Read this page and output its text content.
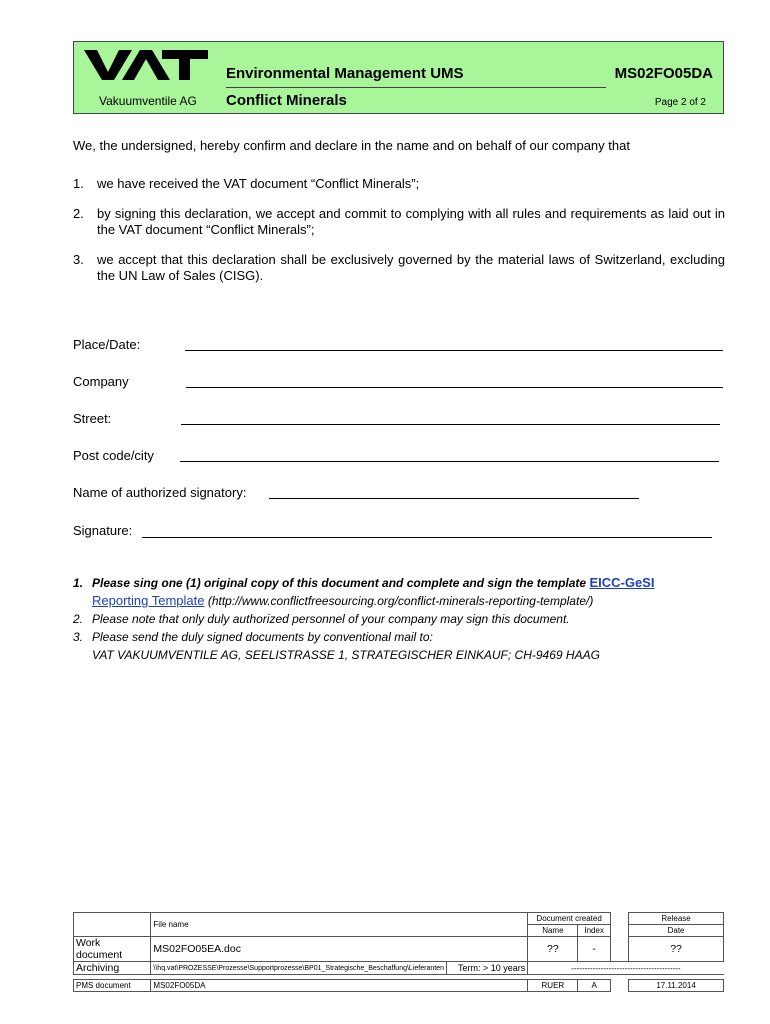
Environmental Management UMS	MS02FO05DA
Vakuumventile AG Conflict Minerals	Page 2 of 2
We, the undersigned, hereby confirm and declare in the name and on behalf of our company that
1. we have received the VAT document “Conflict Minerals”;
2. by signing this declaration, we accept and commit to complying with all rules and requirements as laid out in the VAT document “Conflict Minerals”;
3. we accept that this declaration shall be exclusively governed by the material laws of Switzerland, excluding the UN Law of Sales (CISG).
Place/Date:
Company
Street:
Post code/city
Name of authorized signatory:
Signature:
1. Please sing one (1) original copy of this document and complete and sign the template EICC-GeSI
Reporting Template (http://www.conflictfreesourcing.org/conflict-minerals-reporting-template/)
2. Please note that only duly authorized personnel of your company may sign this document.
3. Please send the duly signed documents by conventional mail to:
VAT VAKUUMVENTILE AG, SEELISTRASSE 1, STRATEGISCHER EINKAUF; CH-9469 HAAG
	File name		Document created			Release
			Name	Index		Date
Work document	MS02FO05EA.doc		??	-		??
Archiving	\\hq.vat\PROZESSE\Prozesse\Supportprozesse\BP01_Strategische_Beschaffung\Lieferanten	Term: > 10 years	-----------------------------------------			

PMS document	MS02FO05DA		RUER	A		17.11.2014
